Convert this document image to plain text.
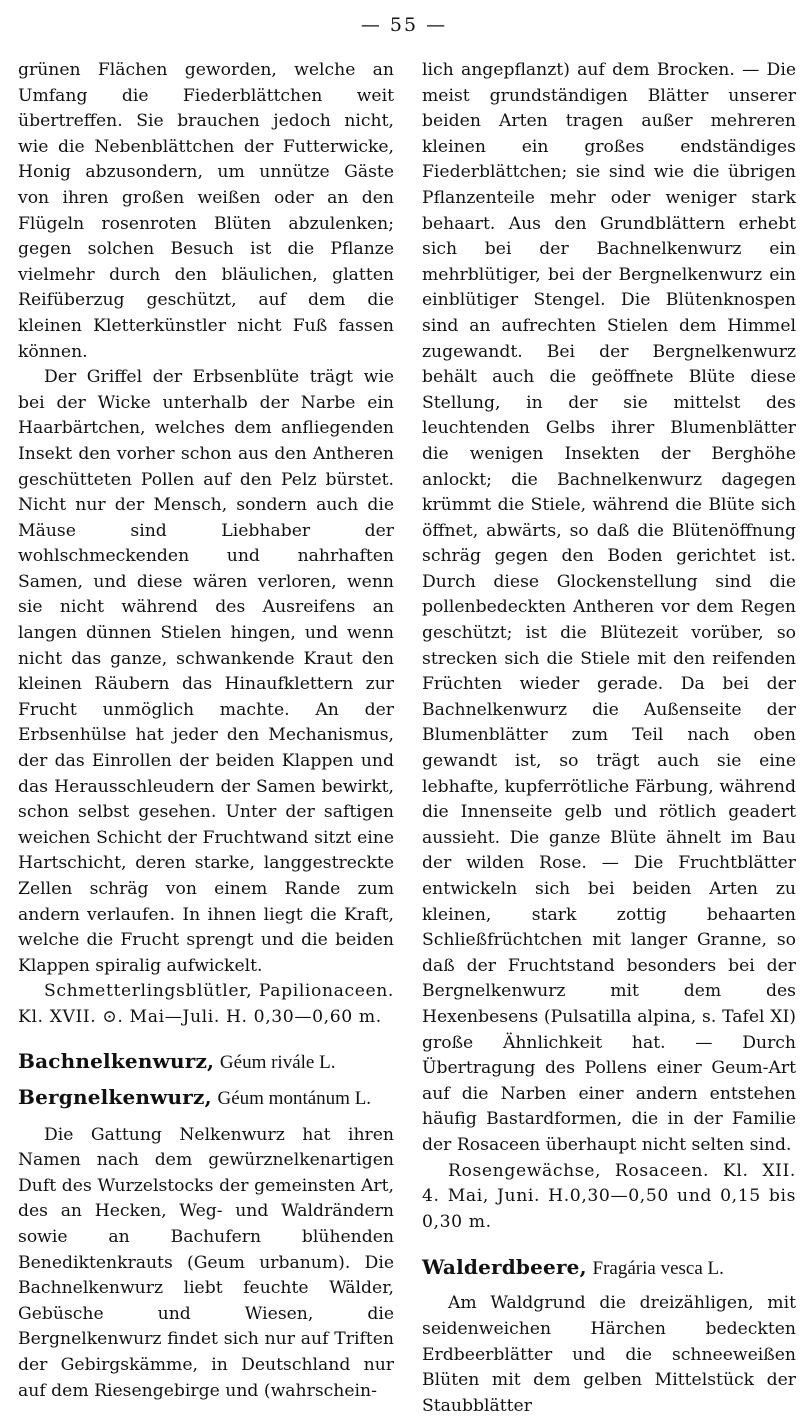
— 55 —

grünen Flächen geworden, welche an Umfang die Fiederblättchen weit übertreffen. Sie brauchen jedoch nicht, wie die Nebenblättchen der Futterwicke, Honig abzusondern, um unnütze Gäste von ihren großen weißen oder an den Flügeln rosenroten Blüten abzulenken; gegen solchen Besuch ist die Pflanze vielmehr durch den bläulichen, glatten Reifüberzug geschützt, auf dem die kleinen Kletterkünstler nicht Fuß fassen können.

Der Griffel der Erbsenblüte trägt wie bei der Wicke unterhalb der Narbe ein Haarbärtchen, welches dem anfliegenden Insekt den vorher schon aus den Antheren geschütteten Pollen auf den Pelz bürstet. Nicht nur der Mensch, sondern auch die Mäuse sind Liebhaber der wohlschmeckenden und nahrhaften Samen, und diese wären verloren, wenn sie nicht während des Ausreifens an langen dünnen Stielen hingen, und wenn nicht das ganze, schwankende Kraut den kleinen Räubern das Hinaufklettern zur Frucht unmöglich machte. An der Erbsenhülse hat jeder den Mechanismus, der das Einrollen der beiden Klappen und das Herausschleudern der Samen bewirkt, schon selbst gesehen. Unter der saftigen weichen Schicht der Fruchtwand sitzt eine Hartschicht, deren starke, langgestreckte Zellen schräg von einem Rande zum andern verlaufen. In ihnen liegt die Kraft, welche die Frucht sprengt und die beiden Klappen spiralig aufwickelt.

Schmetterlingsblütler, Papilionaceen. Kl. XVII. ⊙. Mai—Juli. H. 0,30—0,60 m.

Bachnelkenwurz, Géum rivále L.
Bergnelkenwurz, Géum montánum L.

Die Gattung Nelkenwurz hat ihren Namen nach dem gewürznelkenartigen Duft des Wurzelstocks der gemeinsten Art, des an Hecken, Weg- und Waldrändern sowie an Bachufern blühenden Benediktenkrauts (Geum urbanum). Die Bachnelkenwurz liebt feuchte Wälder, Gebüsche und Wiesen, die Bergnelkenwurz findet sich nur auf Triften der Gebirgskämme, in Deutschland nur auf dem Riesengebirge und (wahrschein-

lich angepflanzt) auf dem Brocken. — Die meist grundständigen Blätter unserer beiden Arten tragen außer mehreren kleinen ein großes endständiges Fiederblättchen; sie sind wie die übrigen Pflanzenteile mehr oder weniger stark behaart. Aus den Grundblättern erhebt sich bei der Bachnelkenwurz ein mehrblütiger, bei der Bergnelkenwurz ein einblütiger Stengel. Die Blütenknospen sind an aufrechten Stielen dem Himmel zugewandt. Bei der Bergnelkenwurz behält auch die geöffnete Blüte diese Stellung, in der sie mittelst des leuchtenden Gelbs ihrer Blumenblätter die wenigen Insekten der Berghöhe anlockt; die Bachnelkenwurz dagegen krümmt die Stiele, während die Blüte sich öffnet, abwärts, so daß die Blütenöffnung schräg gegen den Boden gerichtet ist. Durch diese Glockenstellung sind die pollenbedeckten Antheren vor dem Regen geschützt; ist die Blütezeit vorüber, so strecken sich die Stiele mit den reifenden Früchten wieder gerade. Da bei der Bachnelkenwurz die Außenseite der Blumenblätter zum Teil nach oben gewandt ist, so trägt auch sie eine lebhafte, kupferrötliche Färbung, während die Innenseite gelb und rötlich geadert aussieht. Die ganze Blüte ähnelt im Bau der wilden Rose. — Die Fruchtblätter entwickeln sich bei beiden Arten zu kleinen, stark zottig behaarten Schließfrüchtchen mit langer Granne, so daß der Fruchtstand besonders bei der Bergnelkenwurz mit dem des Hexenbesens (Pulsatilla alpina, s. Tafel XI) große Ähnlichkeit hat. — Durch Übertragung des Pollens einer Geum-Art auf die Narben einer andern entstehen häufig Bastardformen, die in der Familie der Rosaceen überhaupt nicht selten sind.

Rosengewächse, Rosaceen. Kl. XII. 4. Mai, Juni. H.0,30—0,50 und 0,15 bis 0,30 m.

Walderdbeere, Fragária vesca L.

Am Waldgrund die dreizähligen, mit seidenweichen Härchen bedeckten Erdbeerblätter und die schneeweißen Blüten mit dem gelben Mittelstück der Staubblätter
